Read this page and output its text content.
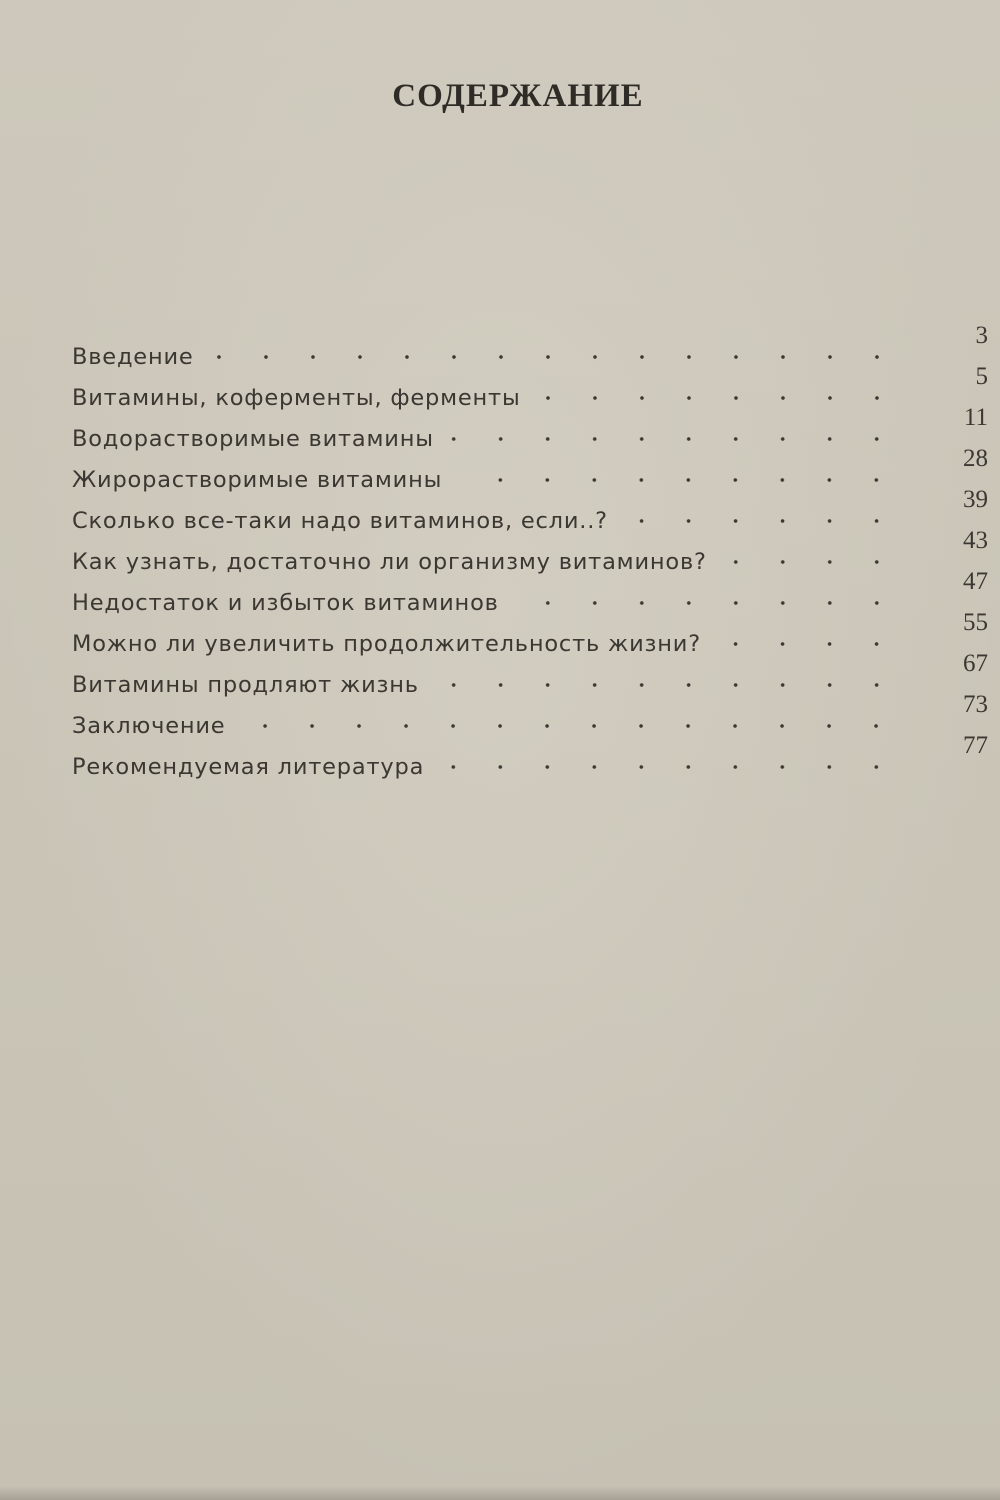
СОДЕРЖАНИЕ
Введение
3
Витамины, коферменты, ферменты
5
Водорастворимые витамины
11
Жирорастворимые витамины
28
Сколько все-таки надо витаминов, если..?
39
Как узнать, достаточно ли организму витаминов?
43
Недостаток и избыток витаминов
47
Можно ли увеличить продолжительность жизни?
55
Витамины продляют жизнь
67
Заключение
73
Рекомендуемая литература
77
